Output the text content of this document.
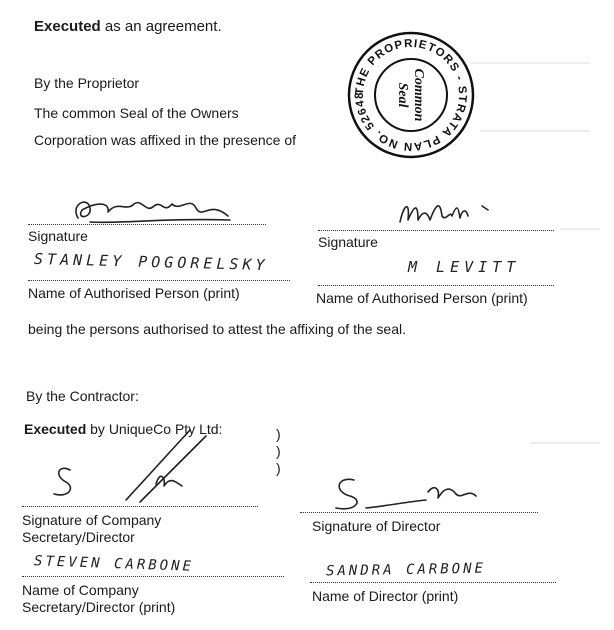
Executed as an agreement.
By the Proprietor
The common Seal of the Owners
Corporation was affixed in the presence of
THE PROPRIETORS - STRATA PLAN NO. 52648 *
Common
Seal
Signature	Signature
STANLEY POGORELSKY
Name of Authorised Person (print)
M LEVITT
Name of Authorised Person (print)
being the persons authorised to attest the affixing of the seal.
By the Contractor:
Executed by UniqueCo Pty Ltd:	)
)
)
Signature of Company
Secretary/Director
Signature of Director
STEVEN CARBONE
Name of Company
Secretary/Director (print)
SANDRA CARBONE
Name of Director (print)
